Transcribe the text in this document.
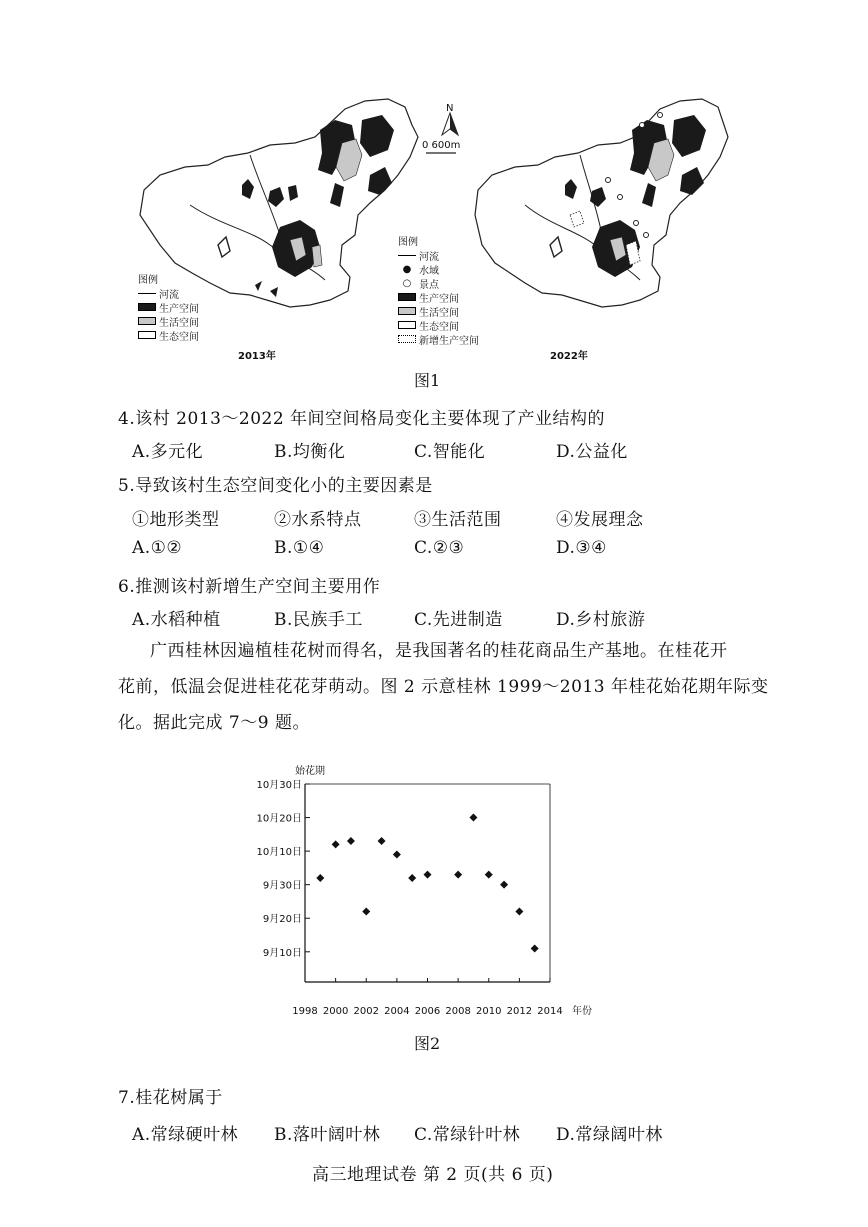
N
0 600m
图例
河流
生产空间
生活空间
生态空间
2013年
图例
河流
● 水域
○ 景点
生产空间
生活空间
生态空间
新增生产空间
2022年
图1
4.该村 2013～2022 年间空间格局变化主要体现了产业结构的
A.多元化	B.均衡化	C.智能化	D.公益化
5.导致该村生态空间变化小的主要因素是
①地形类型	②水系特点	③生活范围	④发展理念
A.①②	B.①④	C.②③	D.③④
6.推测该村新增生产空间主要用作
A.水稻种植	B.民族手工	C.先进制造	D.乡村旅游
广西桂林因遍植桂花树而得名，是我国著名的桂花商品生产基地。在桂花开
花前，低温会促进桂花花芽萌动。图 2 示意桂林 1999～2013 年桂花始花期年际变
化。据此完成 7～9 题。
9月10日
9月20日
9月30日
10月10日
10月20日
10月30日
1998 2000 2002 2004 2006 2008 2010 2012 2014
始花期
年份
图2
7.桂花树属于
A.常绿硬叶林 B.落叶阔叶林 C.常绿针叶林 D.常绿阔叶林
高三地理试卷 第 2 页(共 6 页)
